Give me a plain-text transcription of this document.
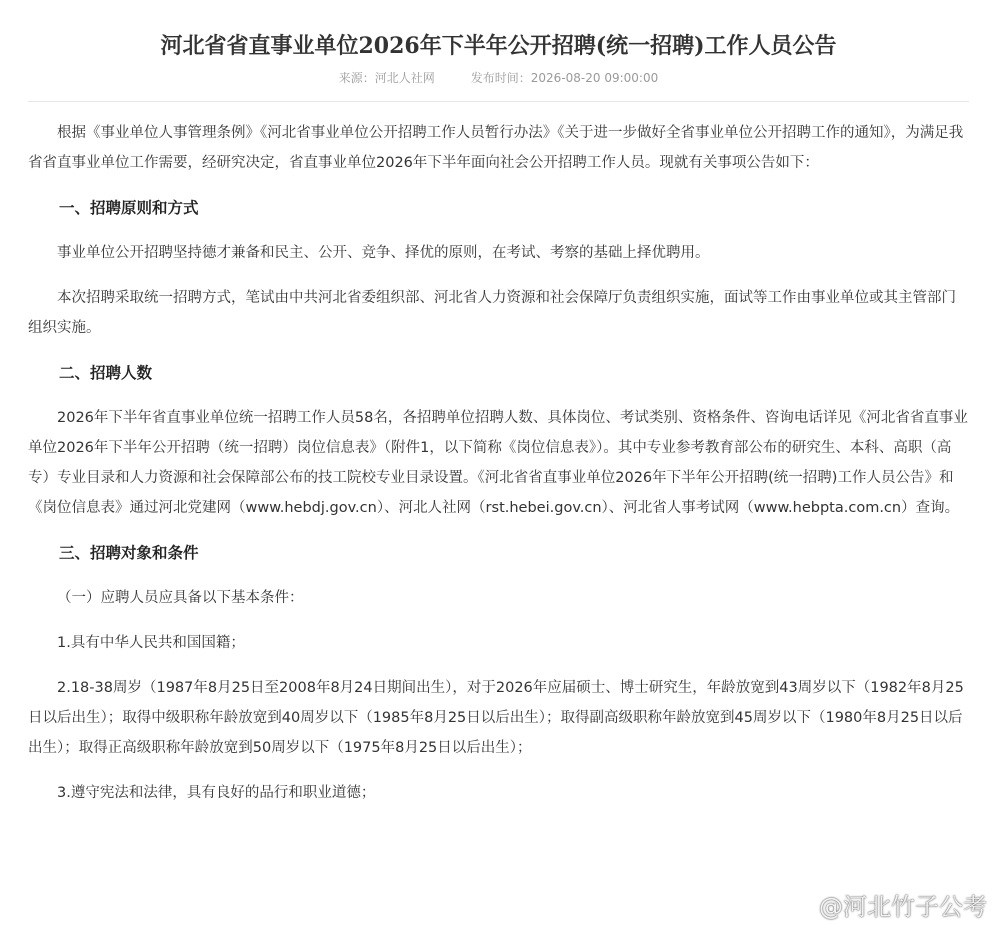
河北省省直事业单位2026年下半年公开招聘(统一招聘)工作人员公告
来源：河北人社网	发布时间：2026-08-20 09:00:00

根据《事业单位人事管理条例》《河北省事业单位公开招聘工作人员暂行办法》《关于进一步做好全省事业单位公开招聘工作的通知》，为满足我省省直事业单位工作需要，经研究决定，省直事业单位2026年下半年面向社会公开招聘工作人员。现就有关事项公告如下：

一、招聘原则和方式

事业单位公开招聘坚持德才兼备和民主、公开、竞争、择优的原则，在考试、考察的基础上择优聘用。

本次招聘采取统一招聘方式，笔试由中共河北省委组织部、河北省人力资源和社会保障厅负责组织实施，面试等工作由事业单位或其主管部门组织实施。

二、招聘人数

2026年下半年省直事业单位统一招聘工作人员58名，各招聘单位招聘人数、具体岗位、考试类别、资格条件、咨询电话详见《河北省省直事业单位2026年下半年公开招聘（统一招聘）岗位信息表》（附件1，以下简称《岗位信息表》）。其中专业参考教育部公布的研究生、本科、高职（高专）专业目录和人力资源和社会保障部公布的技工院校专业目录设置。《河北省省直事业单位2026年下半年公开招聘(统一招聘)工作人员公告》和《岗位信息表》通过河北党建网（www.hebdj.gov.cn）、河北人社网（rst.hebei.gov.cn）、河北省人事考试网（www.hebpta.com.cn）查询。

三、招聘对象和条件

（一）应聘人员应具备以下基本条件：

1.具有中华人民共和国国籍；

2.18-38周岁（1987年8月25日至2008年8月24日期间出生），对于2026年应届硕士、博士研究生，年龄放宽到43周岁以下（1982年8月25日以后出生）；取得中级职称年龄放宽到40周岁以下（1985年8月25日以后出生）；取得副高级职称年龄放宽到45周岁以下（1980年8月25日以后出生）；取得正高级职称年龄放宽到50周岁以下（1975年8月25日以后出生）；

3.遵守宪法和法律，具有良好的品行和职业道德；

@河北竹子公考
